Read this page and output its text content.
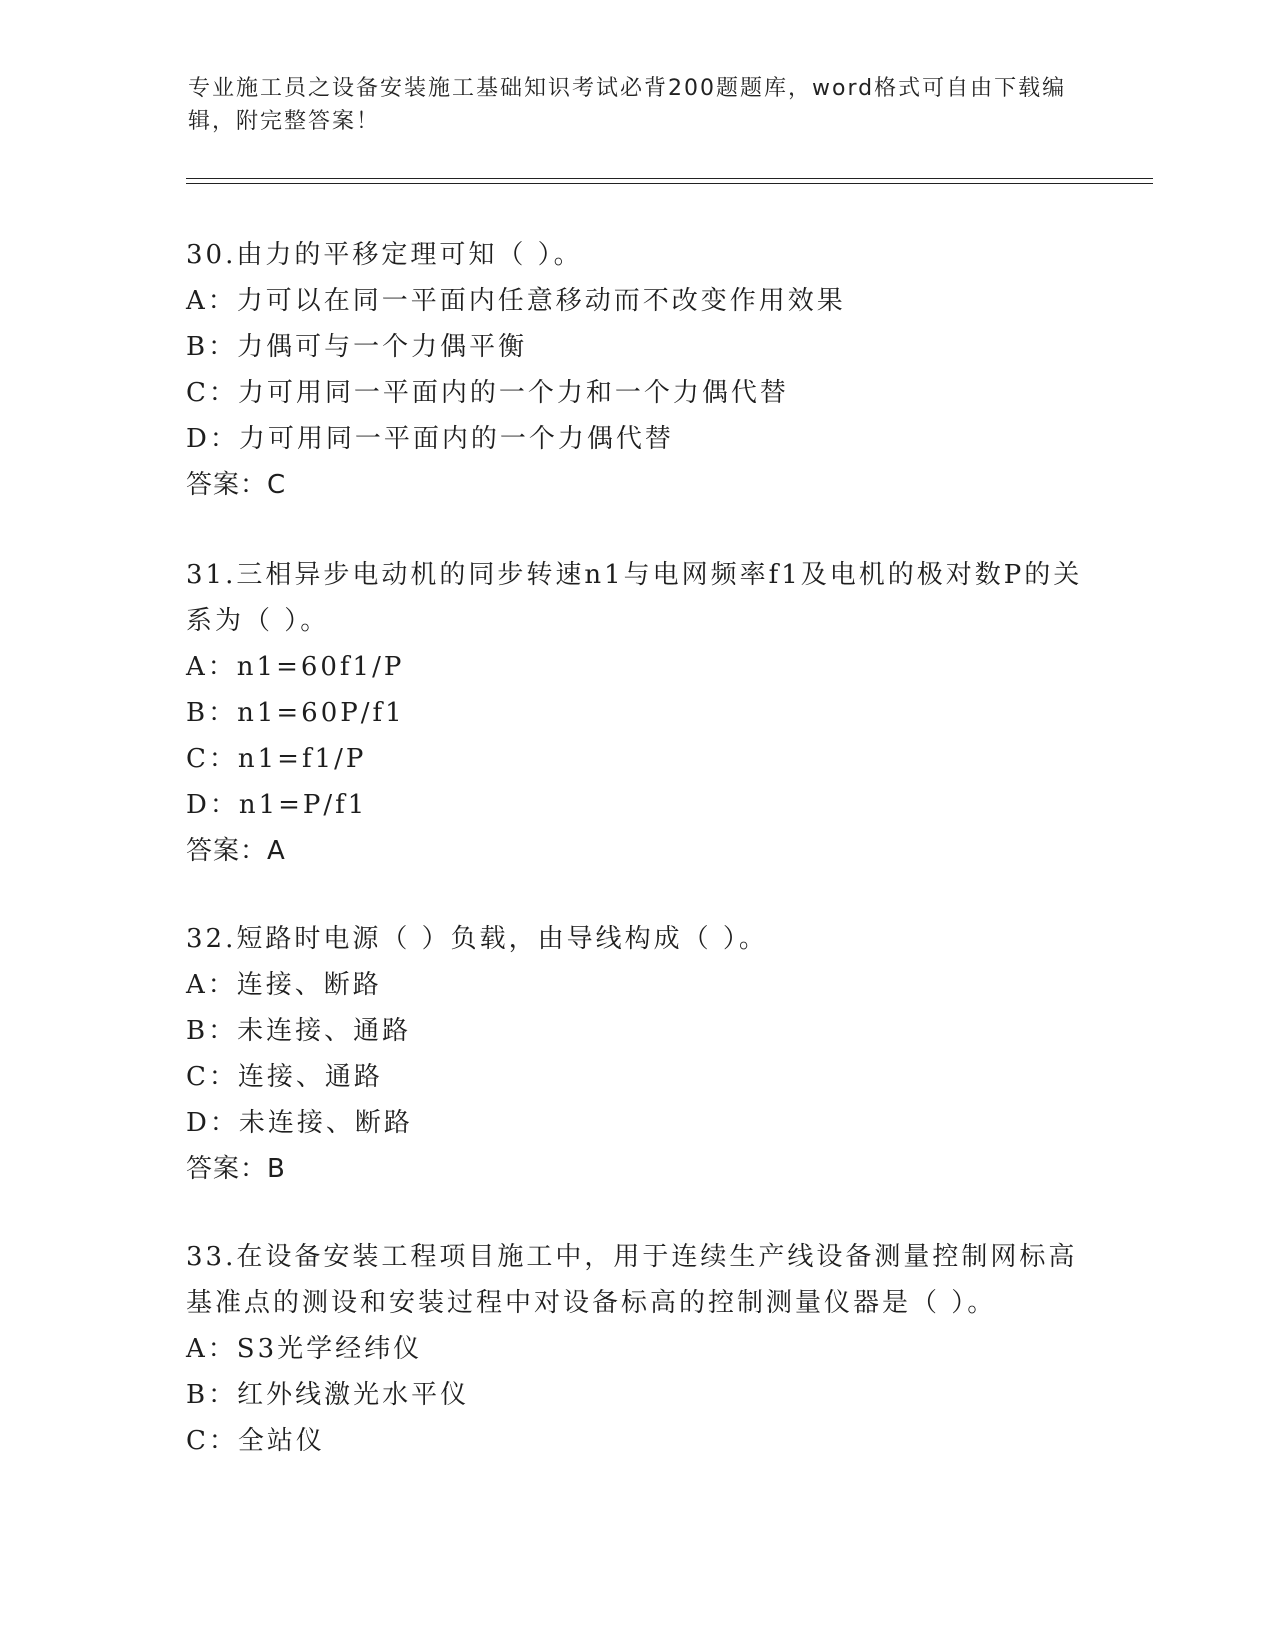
专业施工员之设备安装施工基础知识考试必背200题题库，word格式可自由下载编辑，附完整答案！
30.由力的平移定理可知（ ）。
A：力可以在同一平面内任意移动而不改变作用效果
B：力偶可与一个力偶平衡
C：力可用同一平面内的一个力和一个力偶代替
D：力可用同一平面内的一个力偶代替
答案：C
31.三相异步电动机的同步转速n1与电网频率f1及电机的极对数P的关系为（ ）。
A：n1=60f1/P
B：n1=60P/f1
C：n1=f1/P
D：n1=P/f1
答案：A
32.短路时电源（ ）负载，由导线构成（ ）。
A：连接、断路
B：未连接、通路
C：连接、通路
D：未连接、断路
答案：B
33.在设备安装工程项目施工中，用于连续生产线设备测量控制网标高基准点的测设和安装过程中对设备标高的控制测量仪器是（ ）。
A：S3光学经纬仪
B：红外线激光水平仪
C：全站仪
